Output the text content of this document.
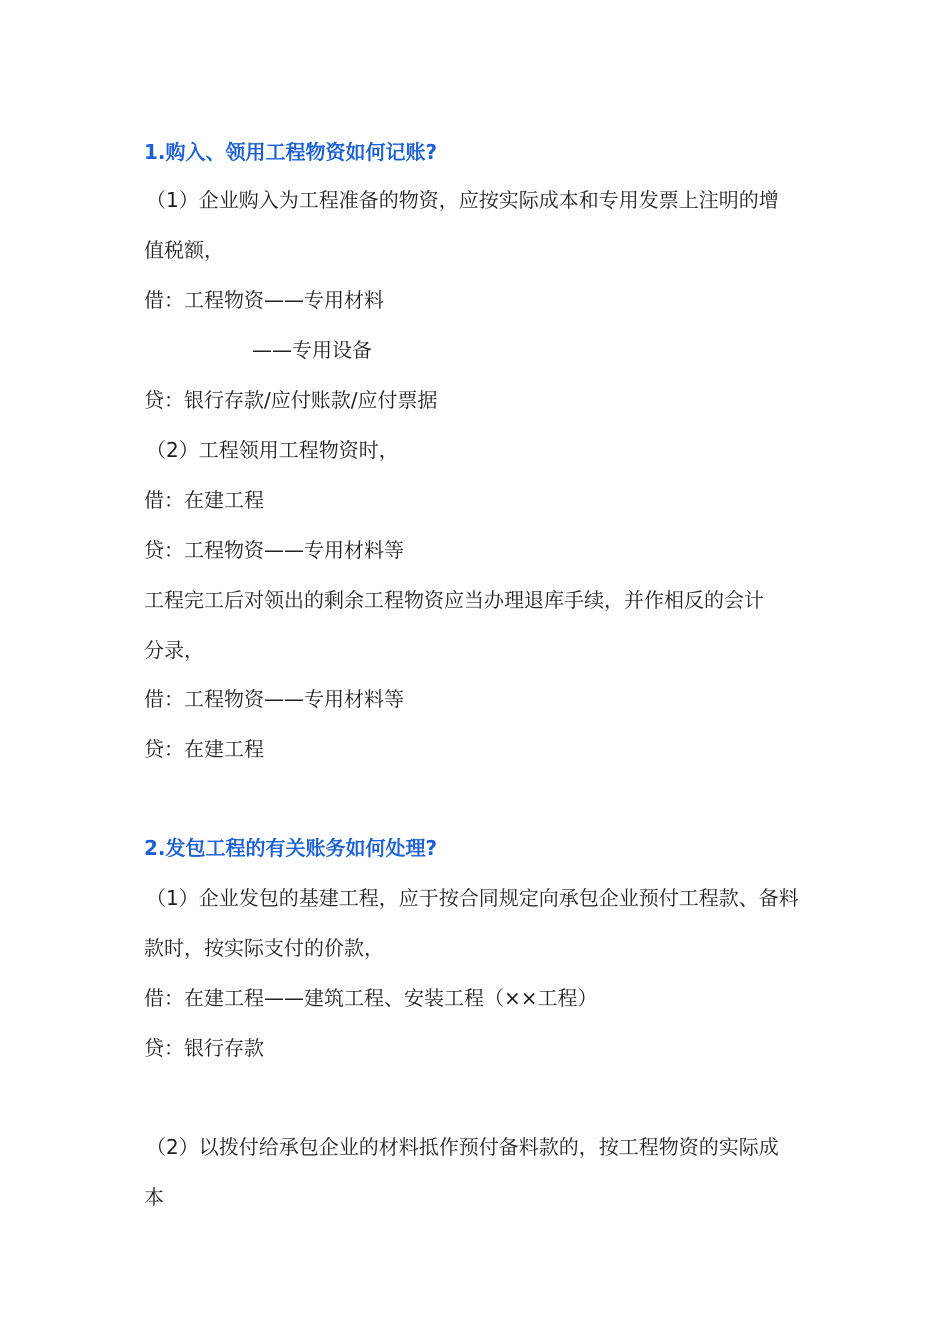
1.购入、领用工程物资如何记账?

（1）企业购入为工程准备的物资，应按实际成本和专用发票上注明的增

值税额，

借：工程物资——专用材料

——专用设备

贷：银行存款/应付账款/应付票据

（2）工程领用工程物资时，

借：在建工程

贷：工程物资——专用材料等

工程完工后对领出的剩余工程物资应当办理退库手续，并作相反的会计

分录，

借：工程物资——专用材料等

贷：在建工程

2.发包工程的有关账务如何处理?

（1）企业发包的基建工程，应于按合同规定向承包企业预付工程款、备料

款时，按实际支付的价款，

借：在建工程——建筑工程、安装工程（××工程）

贷：银行存款

（2）以拨付给承包企业的材料抵作预付备料款的，按工程物资的实际成

本
